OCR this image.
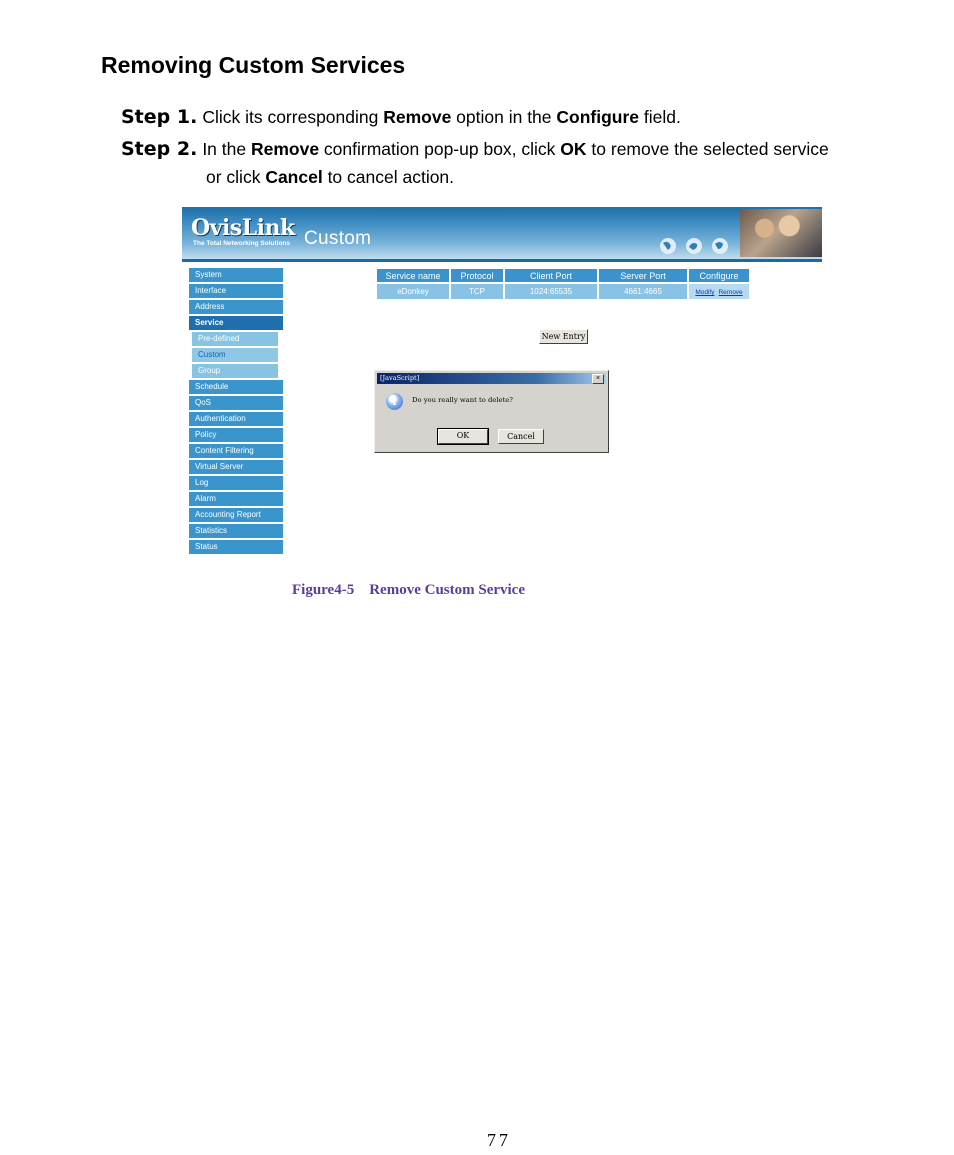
Removing Custom Services
Step 1. Click its corresponding Remove option in the Configure field.
Step 2. In the Remove confirmation pop-up box, click OK to remove the selected service
or click Cancel to cancel action.
OvisLink
The Total Networking Solutions Custom
System
Interface
Address
Service
Pre-defined
Custom
Group
Schedule
QoS
Authentication
Policy
Content Filtering
Virtual Server
Log
Alarm
Accounting Report
Statistics
Status
Service name	Protocol	Client Port	Server Port	Configure
eDonkey	TCP	1024:65535	4661:4665	Modify Remove
New Entry
[JavaScript]	×
i	Do you really want to delete?
OK	Cancel
Figure4-5    Remove Custom Service
77
